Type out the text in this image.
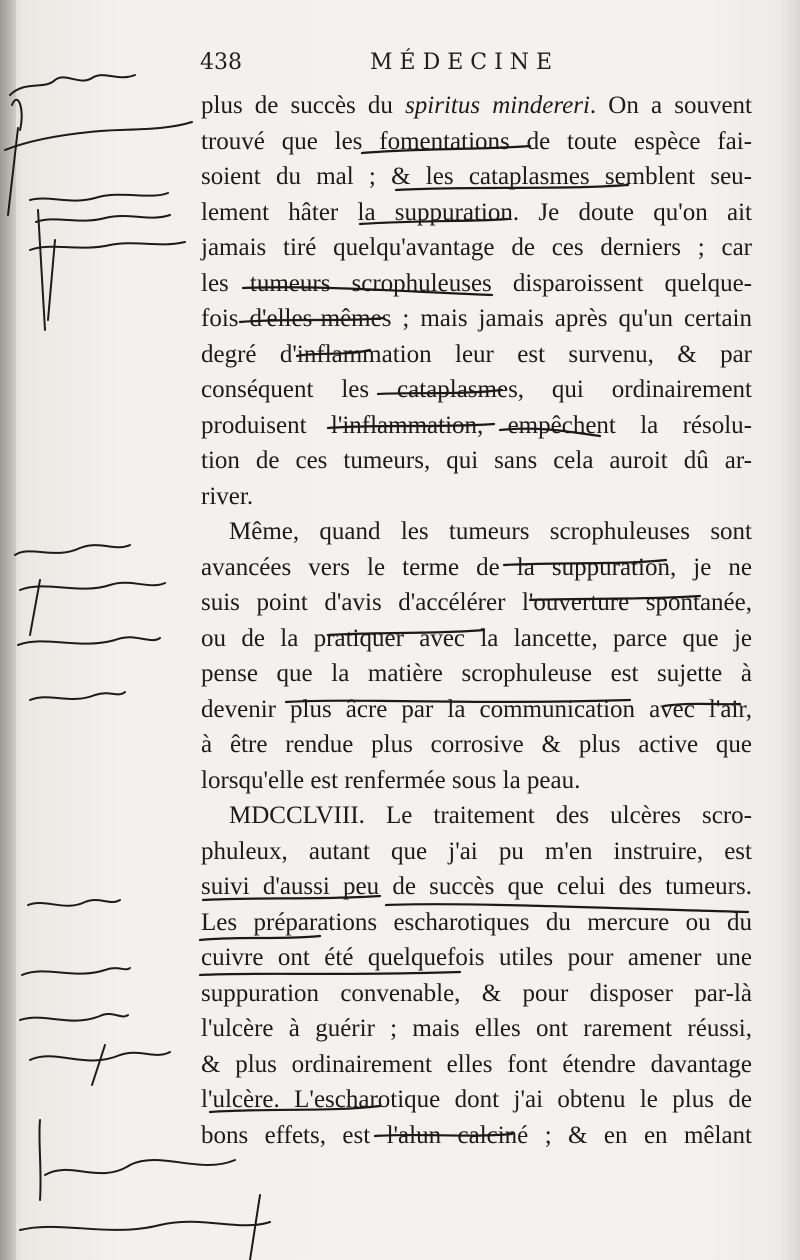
438	MÉDECINE
plus de succès du spiritus mindereri. On a souvent
trouvé que les fomentations de toute espèce fai-
soient du mal ; & les cataplasmes semblent seu-
lement hâter la suppuration. Je doute qu'on ait
jamais tiré quelqu'avantage de ces derniers ; car
les tumeurs scrophuleuses disparoissent quelque-
fois d'elles-mêmes ; mais jamais après qu'un certain
degré d'inflammation leur est survenu, & par
conséquent les cataplasmes, qui ordinairement
produisent l'inflammation, empêchent la résolu-
tion de ces tumeurs, qui sans cela auroit dû ar-
river.
Même, quand les tumeurs scrophuleuses sont
avancées vers le terme de la suppuration, je ne
suis point d'avis d'accélérer l'ouverture spontanée,
ou de la pratiquer avec la lancette, parce que je
pense que la matière scrophuleuse est sujette à
devenir plus âcre par la communication avec l'air,
à être rendue plus corrosive & plus active que
lorsqu'elle est renfermée sous la peau.
MDCCLVIII. Le traitement des ulcères scro-
phuleux, autant que j'ai pu m'en instruire, est
suivi d'aussi peu de succès que celui des tumeurs.
Les préparations escharotiques du mercure ou du
cuivre ont été quelquefois utiles pour amener une
suppuration convenable, & pour disposer par-là
l'ulcère à guérir ; mais elles ont rarement réussi,
& plus ordinairement elles font étendre davantage
l'ulcère. L'escharotique dont j'ai obtenu le plus de
bons effets, est l'alun calciné ; & en en mêlant
